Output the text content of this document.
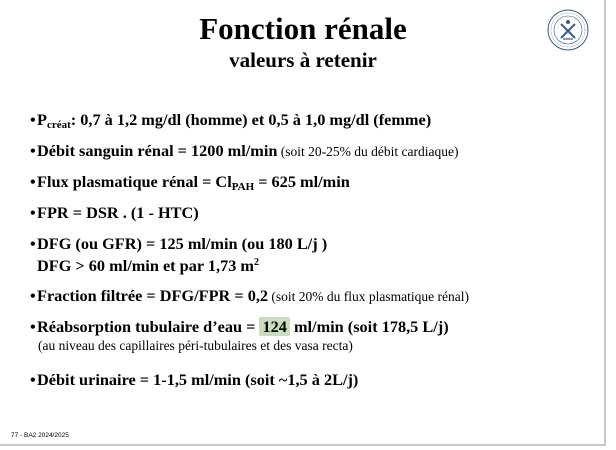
Fonction rénale
valeurs à retenir
• $P_{créat}$: 0,7 à 1,2 mg/dl (homme) et 0,5 à 1,0 mg/dl (femme)
• Débit sanguin rénal = 1200 ml/min (soit 20-25% du débit cardiaque)
• Flux plasmatique rénal = $Cl_{PAH} = 625$ ml/min
• FPR = DSR . (1 - HTC)
• DFG (ou GFR) = 125 ml/min (ou 180 L/j )
DFG > 60 ml/min et par 1,73 $m^2$
• Fraction filtrée = DFG/FPR = 0,2 (soit 20% du flux plasmatique rénal)
• Réabsorption tubulaire d’eau = 124 ml/min (soit 178,5 L/j)
(au niveau des capillaires péri-tubulaires et des vasa recta)
• Débit urinaire = 1-1,5 ml/min (soit ~1,5 à 2L/j)
77 - BA2 2024/2025
